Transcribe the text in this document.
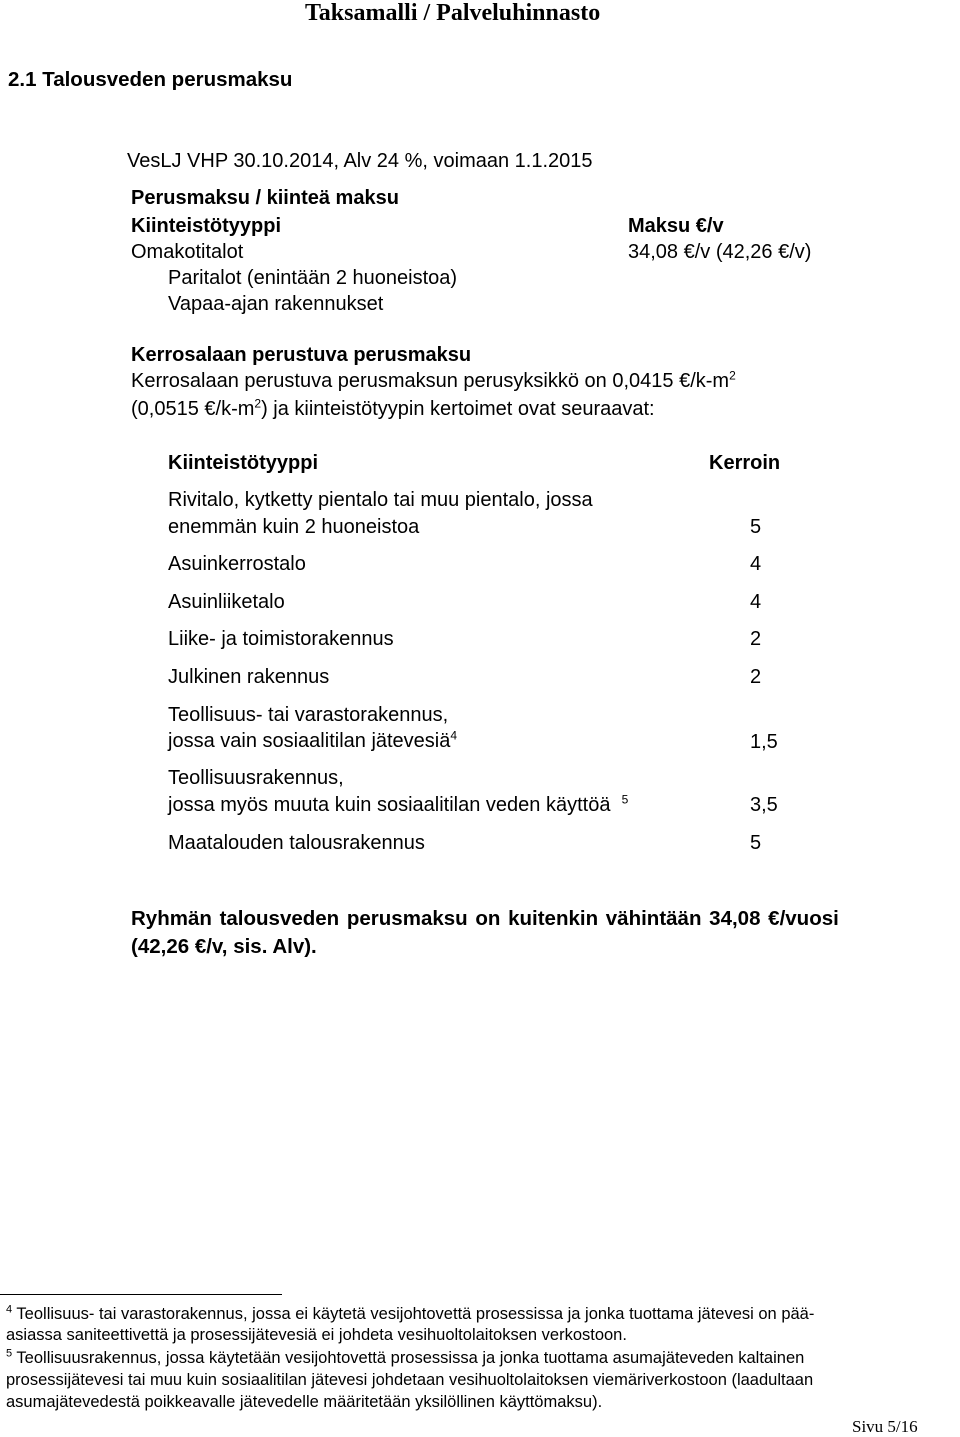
Taksamalli / Palveluhinnasto
2.1 Talousveden perusmaksu
VesLJ VHP 30.10.2014, Alv 24 %, voimaan 1.1.2015
Perusmaksu / kiinteä maksu
Kiinteistötyyppi	Maksu €/v
Omakotitalot	34,08 €/v (42,26 €/v)
Paritalot (enintään 2 huoneistoa)
Vapaa-ajan rakennukset
Kerrosalaan perustuva perusmaksu
Kerrosalaan perustuva perusmaksun perusyksikkö on 0,0415 $€/k-m^2$
(0,0515 $€/k-m^2$) ja kiinteistötyypin kertoimet ovat seuraavat:
Kiinteistötyyppi	Kerroin
Rivitalo, kytketty pientalo tai muu pientalo, jossa
enemmän kuin 2 huoneistoa	5
Asuinkerrostalo	4
Asuinliiketalo	4
Liike- ja toimistorakennus	2
Julkinen rakennus	2
Teollisuus- tai varastorakennus,
jossa vain sosiaalitilan jätevesiä$^4$	1,5
Teollisuusrakennus,
jossa myös muuta kuin sosiaalitilan veden käyttöä $^5$	3,5
Maatalouden talousrakennus	5
Ryhmän talousveden perusmaksu on kuitenkin vähintään 34,08 €/vuosi
(42,26 €/v, sis. Alv).
$^4$ Teollisuus- tai varastorakennus, jossa ei käytetä vesijohtovettä prosessissa ja jonka tuottama jätevesi on pää-
asiassa saniteettivettä ja prosessijätevesiä ei johdeta vesihuoltolaitoksen verkostoon.
$^5$ Teollisuusrakennus, jossa käytetään vesijohtovettä prosessissa ja jonka tuottama asumajäteveden kaltainen
prosessijätevesi tai muu kuin sosiaalitilan jätevesi johdetaan vesihuoltolaitoksen viemäriverkostoon (laadultaan
asumajätevedestä poikkeavalle jätevedelle määritetään yksilöllinen käyttömaksu).
Sivu 5/16
